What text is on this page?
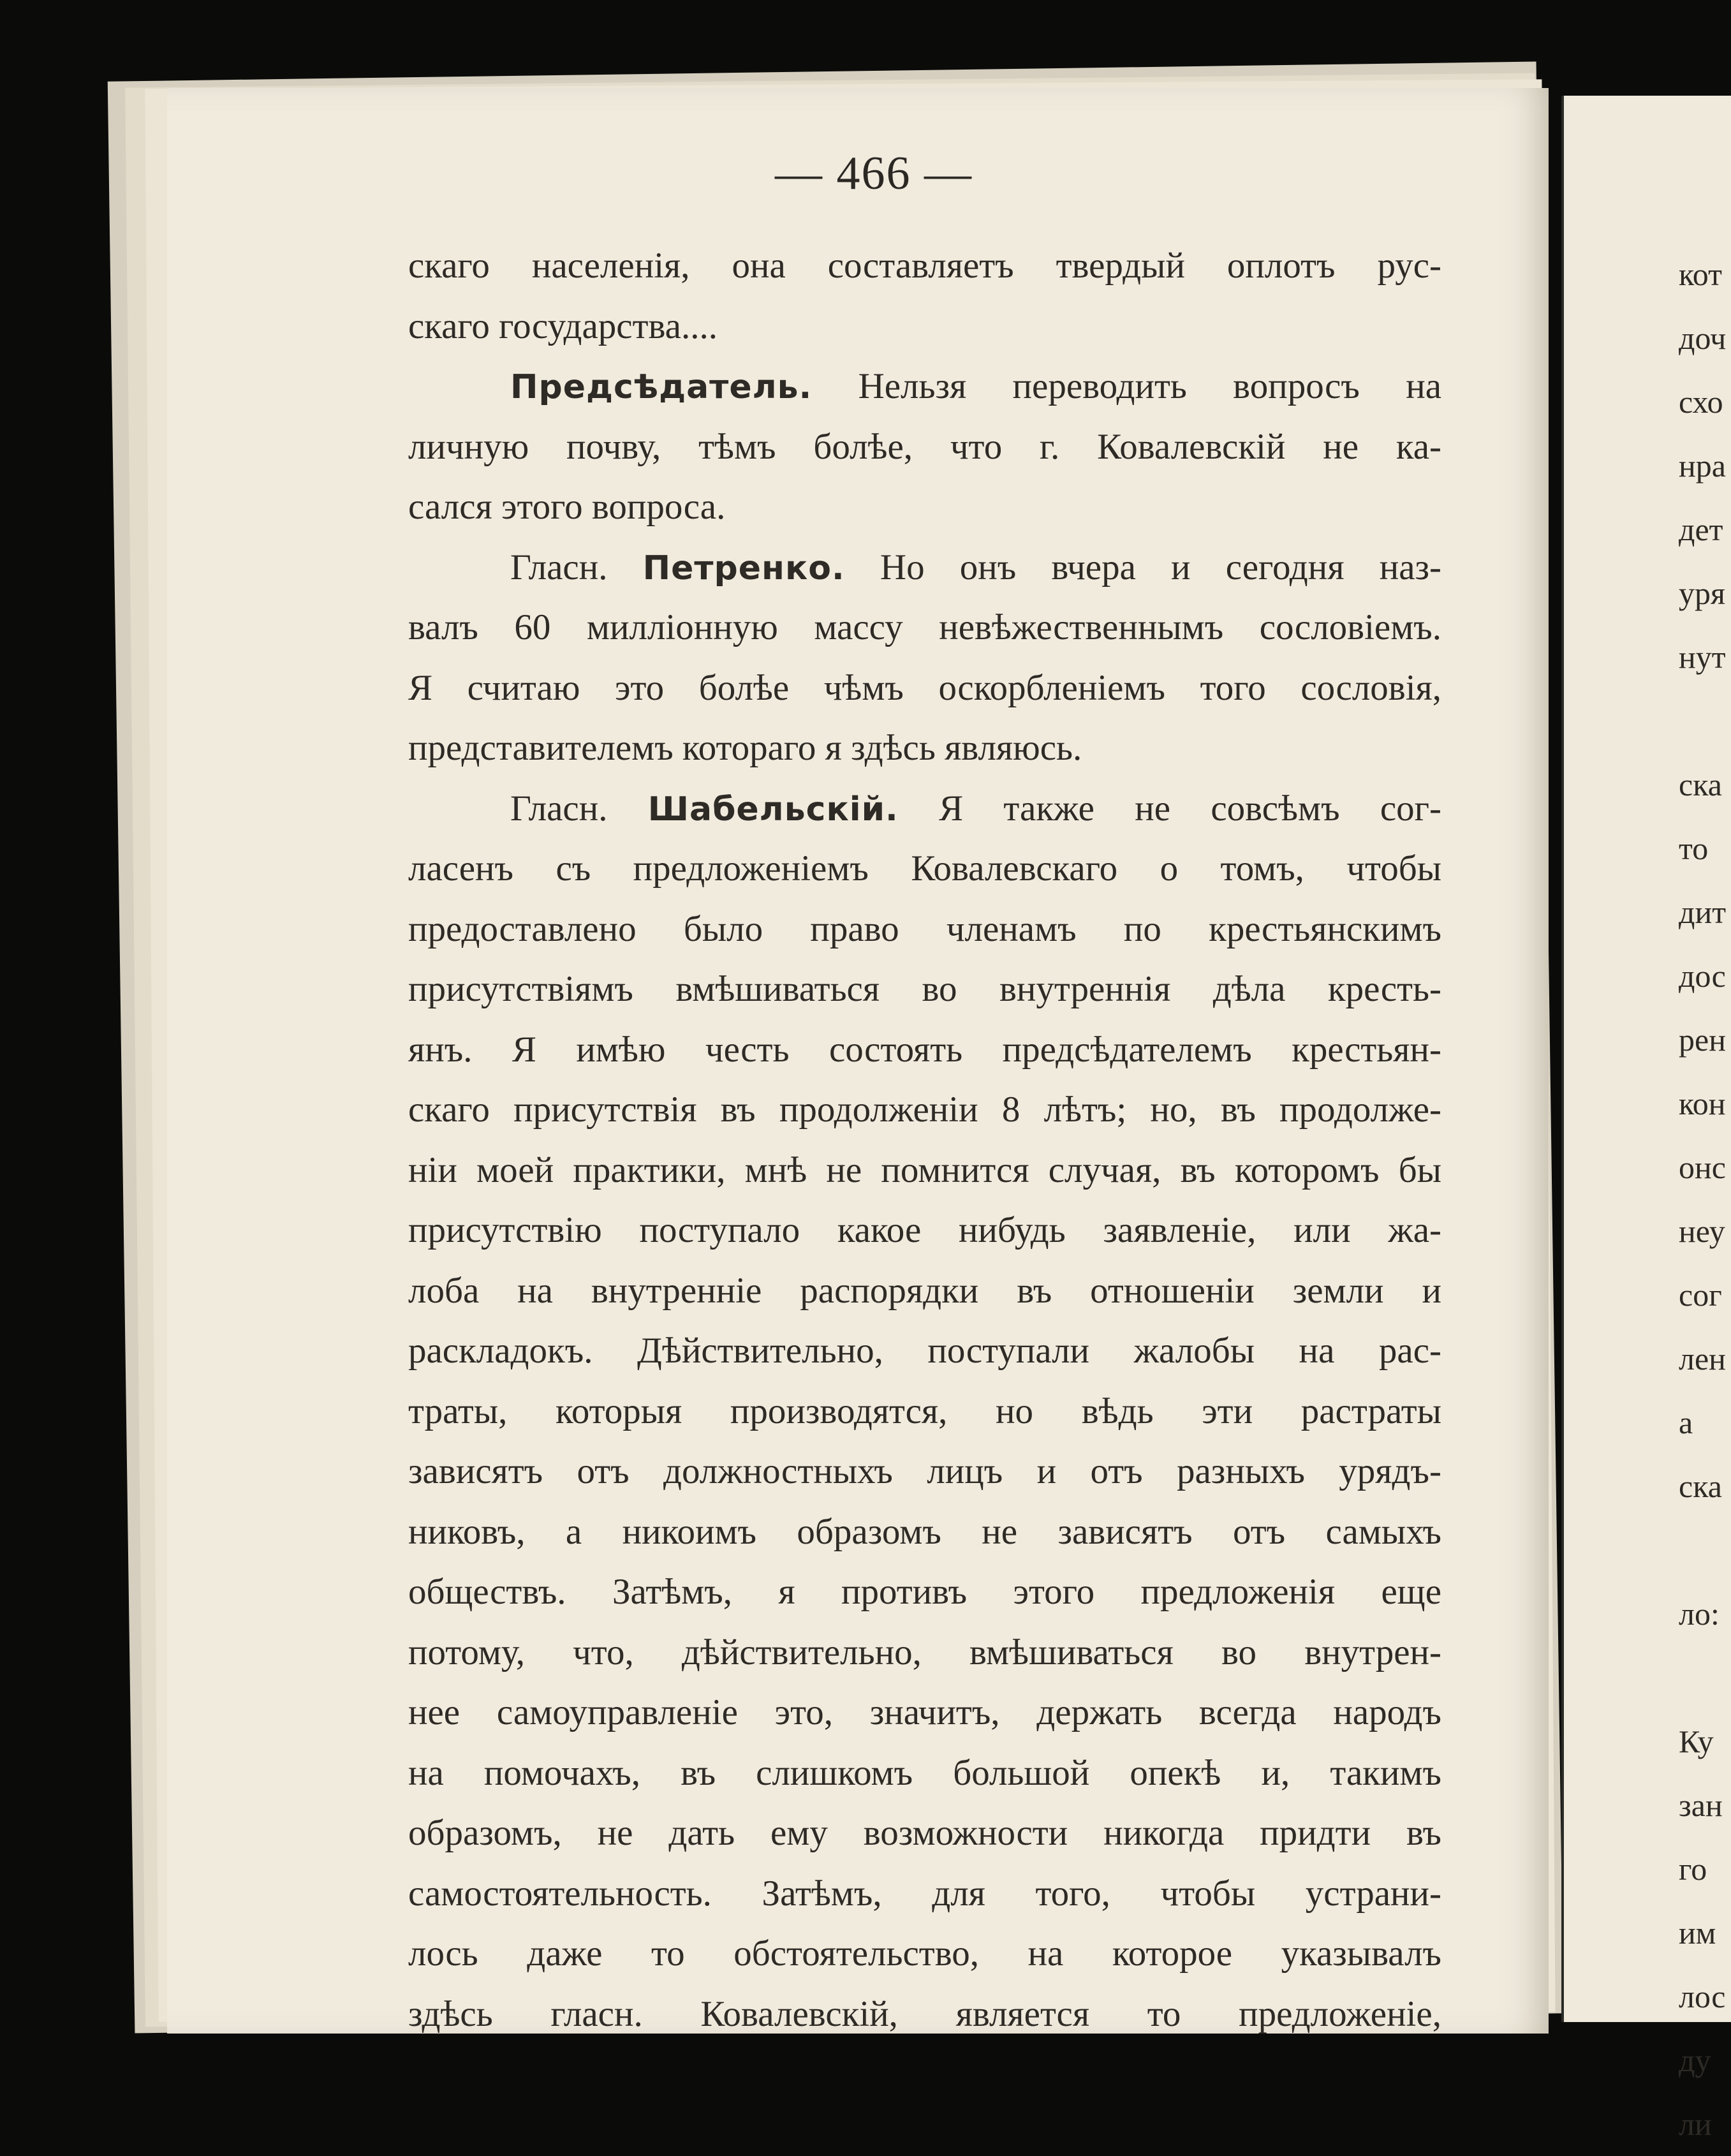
— 466 —
скаго населенія, она составляетъ твердый оплотъ рус-
скаго государства....
Предсѣдатель. Нельзя переводить вопросъ на
личную почву, тѣмъ болѣе, что г. Ковалевскій не ка-
сался этого вопроса.
Гласн. Петренко. Но онъ вчера и сегодня наз-
валъ 60 милліонную массу невѣжественнымъ сословіемъ.
Я считаю это болѣе чѣмъ оскорбленіемъ того сословія,
представителемъ котораго я здѣсь являюсь.
Гласн. Шабельскій. Я также не совсѣмъ сог-
ласенъ съ предложеніемъ Ковалевскаго о томъ, чтобы
предоставлено было право членамъ по крестьянскимъ
присутствіямъ вмѣшиваться во внутреннія дѣла кресть-
янъ. Я имѣю честь состоять предсѣдателемъ крестьян-
скаго присутствія въ продолженіи 8 лѣтъ; но, въ продолже-
ніи моей практики, мнѣ не помнится случая, въ которомъ бы
присутствію поступало какое нибудь заявленіе, или жа-
лоба на внутренніе распорядки въ отношеніи земли и
раскладокъ. Дѣйствительно, поступали жалобы на рас-
траты, которыя производятся, но вѣдь эти растраты
зависятъ отъ должностныхъ лицъ и отъ разныхъ урядъ-
никовъ, а никоимъ образомъ не зависятъ отъ самыхъ
обществъ. Затѣмъ, я противъ этого предложенія еще
потому, что, дѣйствительно, вмѣшиваться во внутрен-
нее самоуправленіе это, значитъ, держать всегда народъ
на помочахъ, въ слишкомъ большой опекѣ и, такимъ
образомъ, не дать ему возможности никогда придти въ
самостоятельность. Затѣмъ, для того, чтобы устрани-
лось даже то обстоятельство, на которое указывалъ
здѣсь гласн. Ковалевскій, является то предложеніе,
кот
доч
схо
нра
дет
уря
нут
ска
то
дит
дос
рен
кон
онс
неу
сог
лен
а
ска
ло:
Ку
зан
го
им
лос
ду
ли
